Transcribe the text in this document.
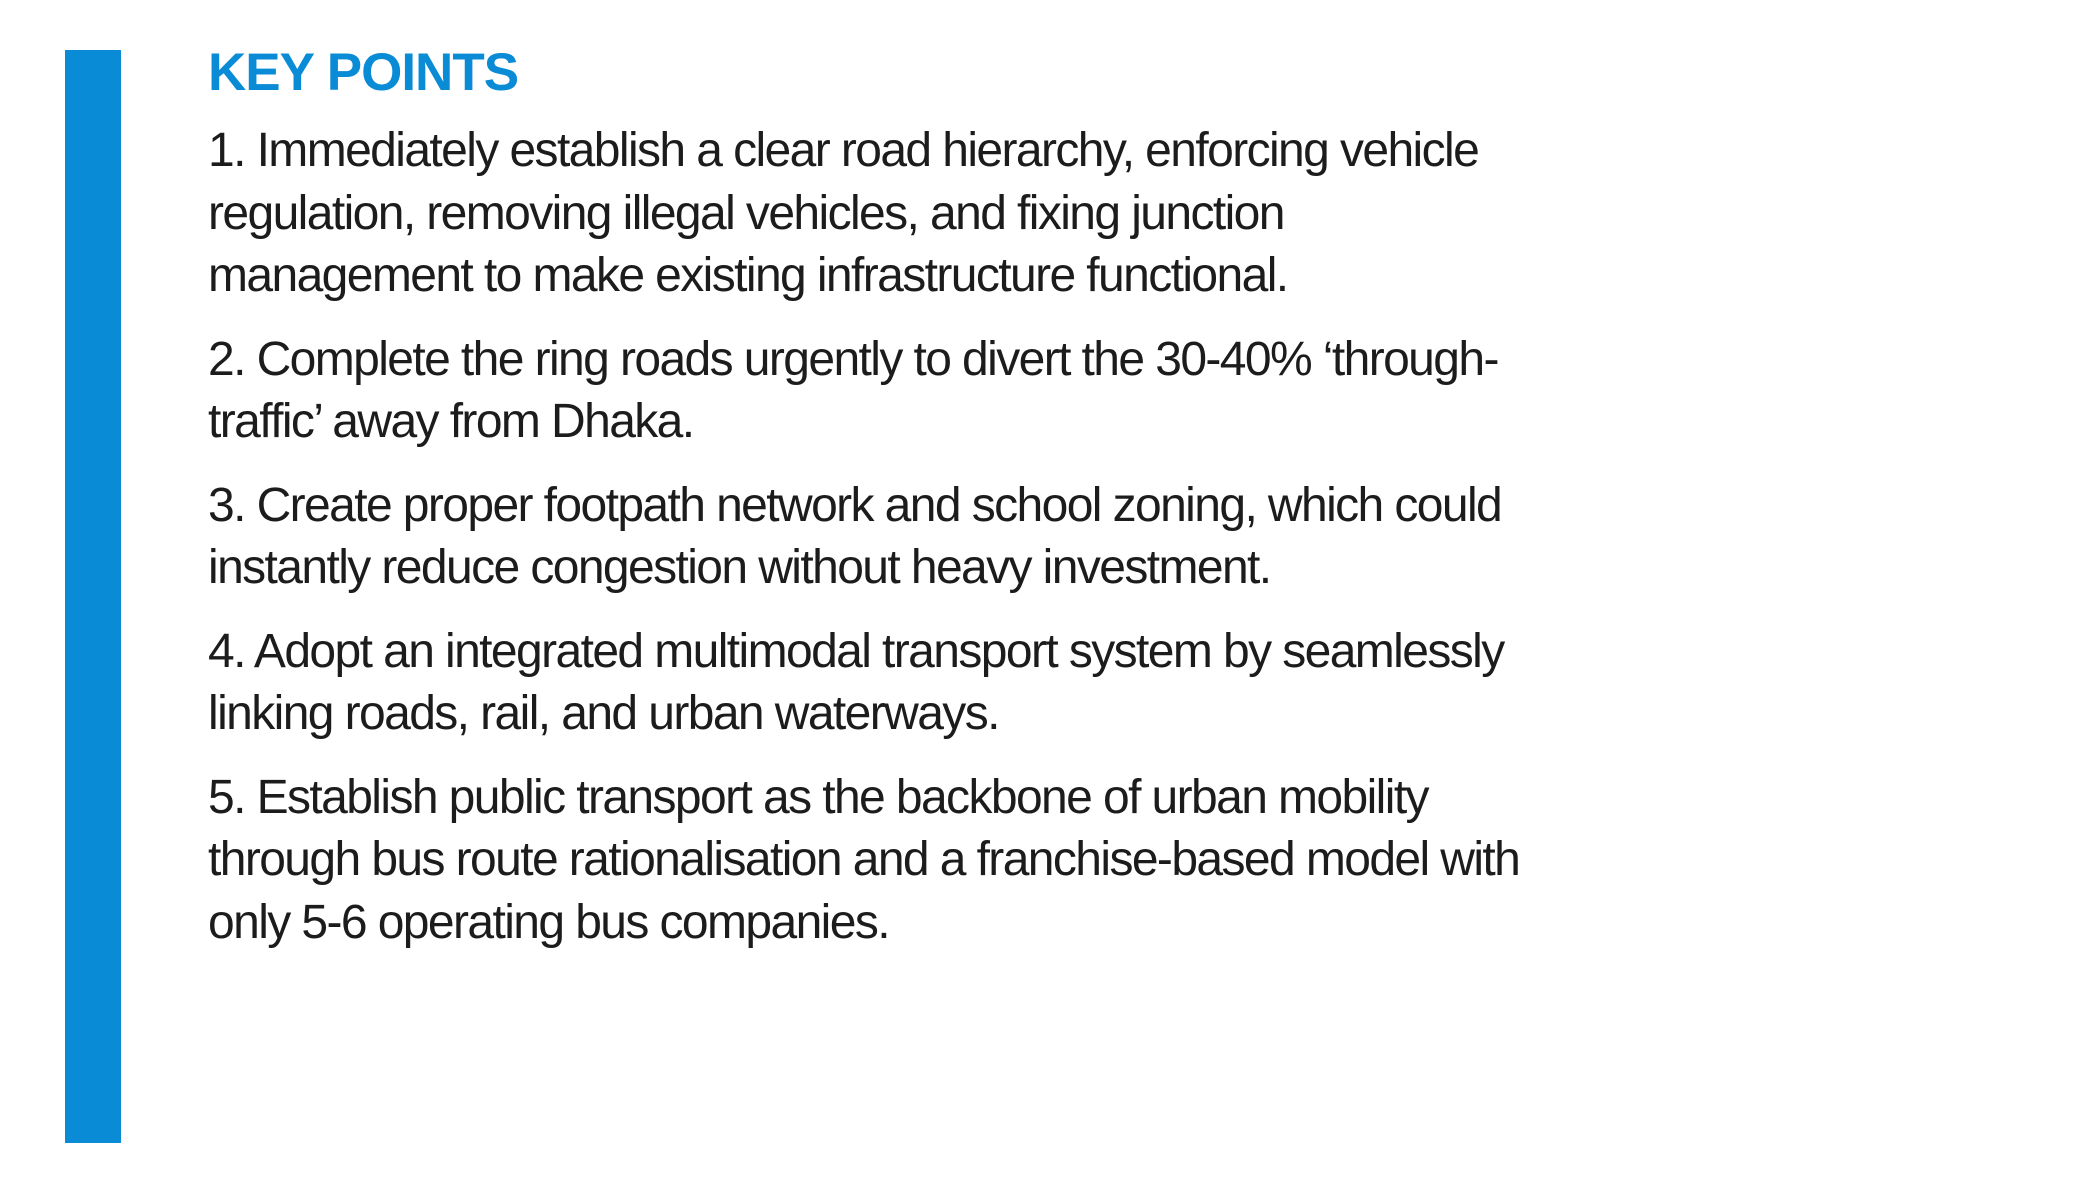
KEY POINTS
1. Immediately establish a clear road hierarchy, enforcing vehicle regulation, removing illegal vehicles, and fixing junction management to make existing infrastructure functional.
2. Complete the ring roads urgently to divert the 30-40% ‘through-traffic’ away from Dhaka.
3. Create proper footpath network and school zoning, which could instantly reduce congestion without heavy investment.
4. Adopt an integrated multimodal transport system by seamlessly linking roads, rail, and urban waterways.
5. Establish public transport as the backbone of urban mobility through bus route rationalisation and a franchise-based model with only 5-6 operating bus companies.
